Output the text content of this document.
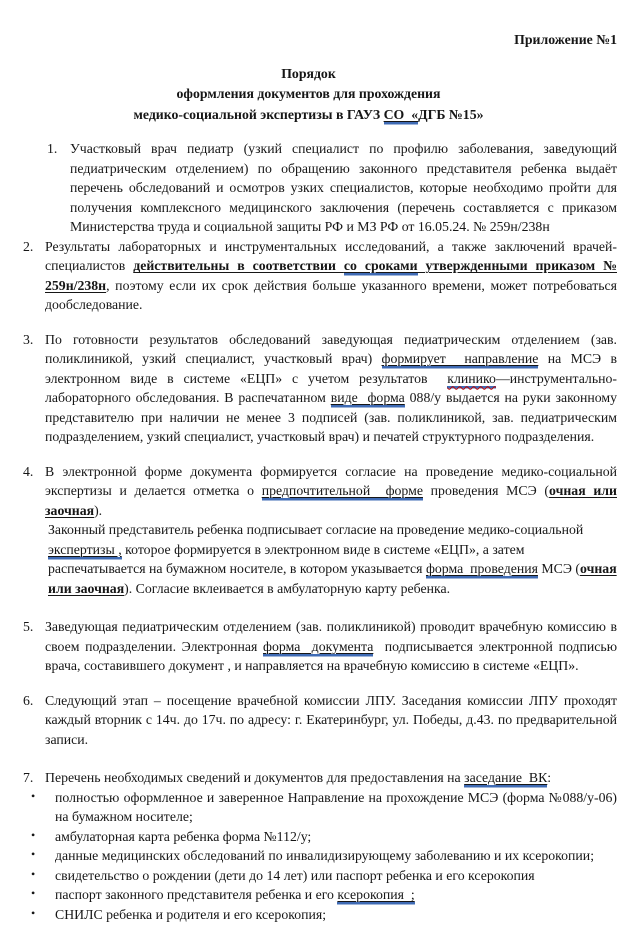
Приложение №1
Порядок
оформления документов для прохождения
медико-социальной экспертизы в ГАУЗ СО  «ДГБ №15»
1. Участковый врач педиатр (узкий специалист по профилю заболевания, заведующий педиатрическим отделением) по обращению законного представителя ребенка выдаёт перечень обследований и осмотров узких специалистов, которые необходимо пройти для получения комплексного медицинского заключения (перечень составляется с приказом Министерства труда и социальной защиты РФ и МЗ РФ от 16.05.24. № 259н/238н
2. Результаты лабораторных и инструментальных исследований, а также заключений врачей-специалистов действительны в соответствии со сроками утвержденными приказом № 259н/238н, поэтому если их срок действия больше указанного времени, может потребоваться дообследование.
3. По готовности результатов обследований заведующая педиатрическим отделением (зав. поликлиникой, узкий специалист, участковый врач) формирует  направление на МСЭ в электронном виде в системе «ЕЦП» с учетом результатов  клинико—инструментально-лабораторного обследования. В распечатанном виде  форма 088/у выдается на руки законному представителю при наличии не менее 3 подписей (зав. поликлиникой, зав. педиатрическим подразделением, узкий специалист, участковый врач) и печатей структурного подразделения.
4. В электронной форме документа формируется согласие на проведение медико-социальной экспертизы и делается отметка о предпочтительной  форме проведения МСЭ (очная или заочная).
Законный представитель ребенка подписывает согласие на проведение медико-социальной экспертизы , которое формируется в электронном виде в системе «ЕЦП», а затем распечатывается на бумажном носителе, в котором указывается форма  проведения МСЭ (очная или заочная). Согласие вклеивается в амбулаторную карту ребенка.
5. Заведующая педиатрическим отделением (зав. поликлиникой) проводит врачебную комиссию в своем подразделении. Электронная форма  документа  подписывается электронной подписью врача, составившего документ , и направляется на врачебную комиссию в системе «ЕЦП».
6. Следующий этап – посещение врачебной комиссии ЛПУ. Заседания комиссии ЛПУ проходят каждый вторник с 14ч. до 17ч. по адресу: г. Екатеринбург, ул. Победы, д.43. по предварительной записи.
7. Перечень необходимых сведений и документов для предоставления на заседание  ВК:
• полностью оформленное и заверенное Направление на прохождение МСЭ (форма №088/у-06) на бумажном носителе;
• амбулаторная карта ребенка форма №112/у;
• данные медицинских обследований по инвалидизирующему заболеванию и их ксерокопии;
• свидетельство о рождении (дети до 14 лет) или паспорт ребенка и его ксерокопия
• паспорт законного представителя ребенка и его ксерокопия  ;
• СНИЛС ребенка и родителя и его ксерокопия;
